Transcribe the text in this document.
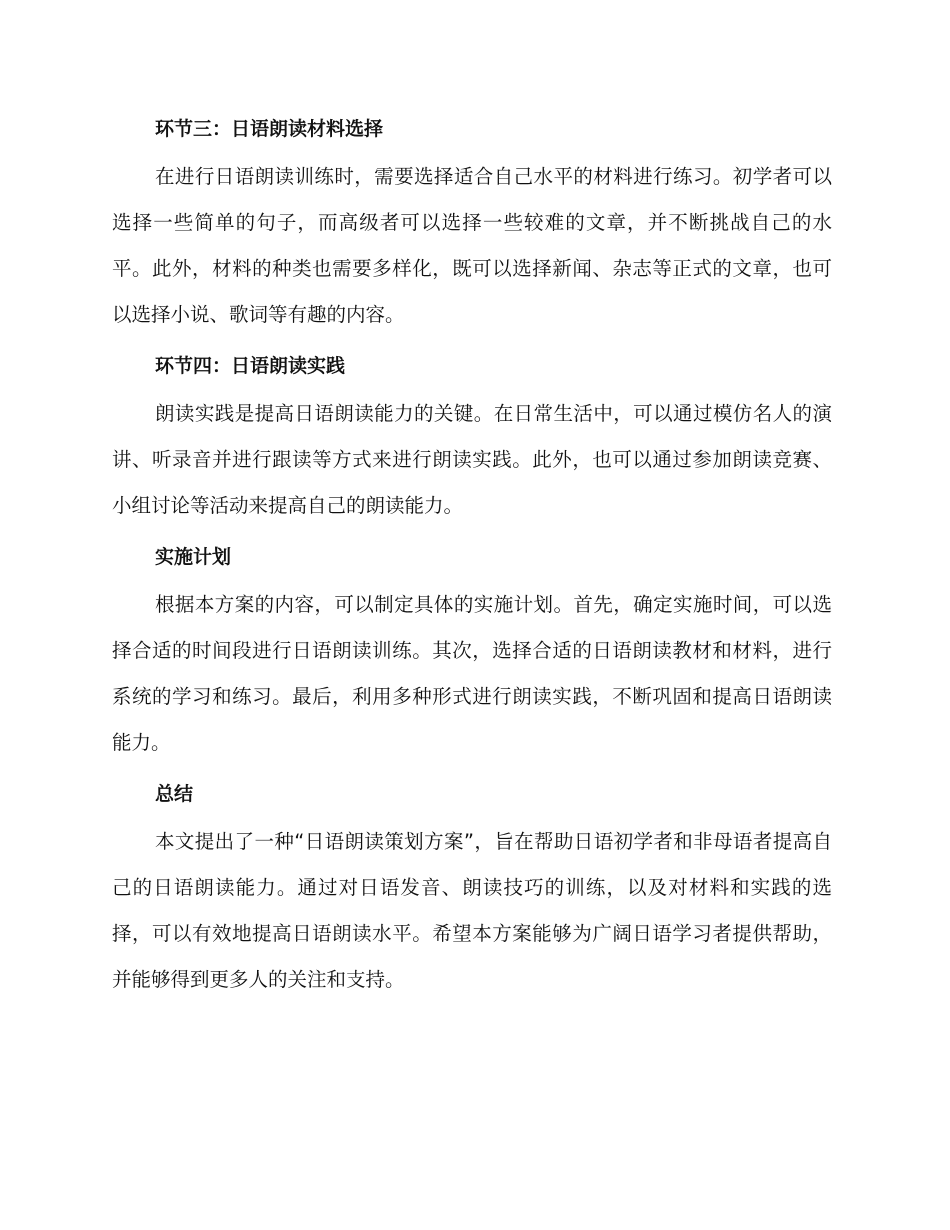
环节三：日语朗读材料选择

在进行日语朗读训练时，需要选择适合自己水平的材料进行练习。初学者可以选择一些简单的句子，而高级者可以选择一些较难的文章，并不断挑战自己的水平。此外，材料的种类也需要多样化，既可以选择新闻、杂志等正式的文章，也可以选择小说、歌词等有趣的内容。

环节四：日语朗读实践

朗读实践是提高日语朗读能力的关键。在日常生活中，可以通过模仿名人的演讲、听录音并进行跟读等方式来进行朗读实践。此外，也可以通过参加朗读竞赛、小组讨论等活动来提高自己的朗读能力。

实施计划

根据本方案的内容，可以制定具体的实施计划。首先，确定实施时间，可以选择合适的时间段进行日语朗读训练。其次，选择合适的日语朗读教材和材料，进行系统的学习和练习。最后，利用多种形式进行朗读实践，不断巩固和提高日语朗读能力。

总结

本文提出了一种“日语朗读策划方案”，旨在帮助日语初学者和非母语者提高自己的日语朗读能力。通过对日语发音、朗读技巧的训练，以及对材料和实践的选择，可以有效地提高日语朗读水平。希望本方案能够为广阔日语学习者提供帮助，并能够得到更多人的关注和支持。
